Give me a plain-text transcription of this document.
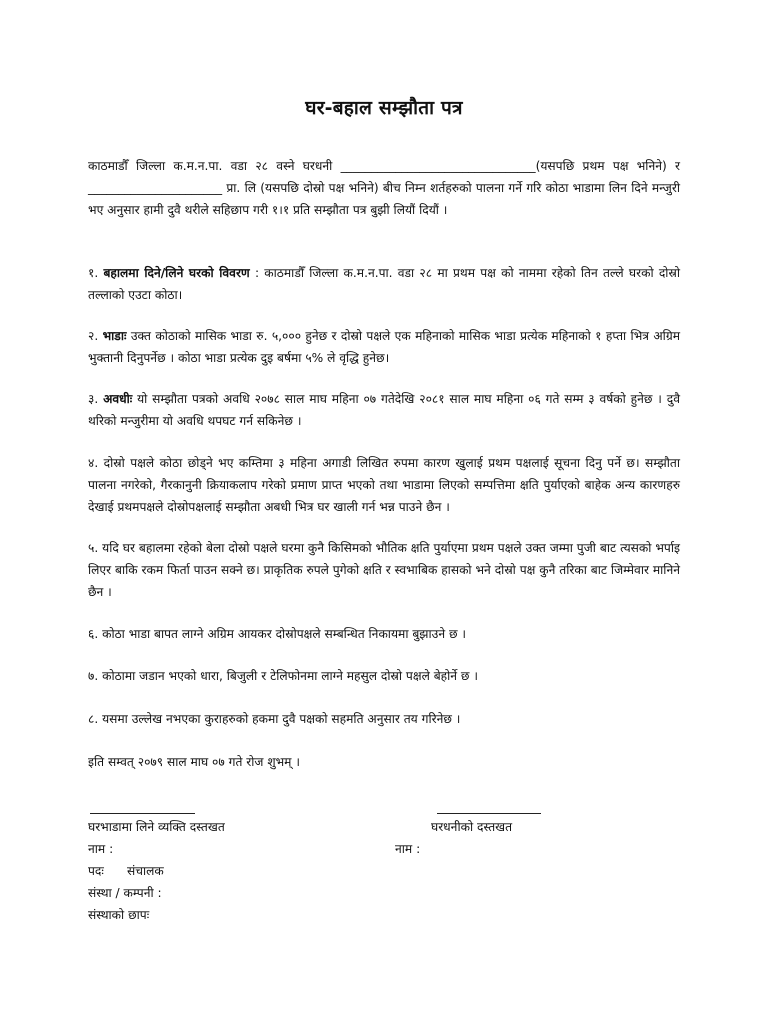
घर-बहाल सम्झौता पत्र
काठमाडौँ जिल्ला क.म.न.पा. वडा २८ वस्ने घरधनी ________________________________(यसपछि प्रथम पक्ष भनिने) र ______________________ प्रा. लि (यसपछि दोस्रो पक्ष भनिने) बीच निम्न शर्तहरुको पालना गर्ने गरि कोठा भाडामा लिन दिने मन्जुरी भए अनुसार हामी दुवै थरीले सहिछाप गरी १।१ प्रति सम्झौता पत्र बुझी लियौं दियौं ।
१. बहालमा दिने/लिने घरको विवरण : काठमाडौँ जिल्ला क.म.न.पा. वडा २८ मा प्रथम पक्ष को नाममा रहेको तिन तल्ले घरको दोस्रो तल्लाको एउटा कोठा।
२. भाडाः उक्त कोठाको मासिक भाडा रु. ५,००० हुनेछ र दोस्रो पक्षले एक महिनाको मासिक भाडा प्रत्येक महिनाको १ हप्ता भित्र अग्रिम भुक्तानी दिनुपर्नेछ । कोठा भाडा प्रत्येक दुइ बर्षमा ५% ले वृद्धि हुनेछ।
३. अवधीः यो सम्झौता पत्रको अवधि २०७८ साल माघ महिना ०७ गतेदेखि २०८१ साल माघ महिना ०६ गते सम्म ३ वर्षको हुनेछ । दुवै थरिको मन्जुरीमा यो अवधि थपघट गर्न सकिनेछ ।
४. दोस्रो पक्षले कोठा छोड्ने भए कम्तिमा ३ महिना अगाडी लिखित रुपमा कारण खुलाई प्रथम पक्षलाई सूचना दिनु पर्ने छ। सम्झौता पालना नगरेको, गैरकानुनी क्रियाकलाप गरेको प्रमाण प्राप्त भएको तथा भाडामा लिएको सम्पत्तिमा क्षति पुर्याएको बाहेक अन्य कारणहरु देखाई प्रथमपक्षले दोस्रोपक्षलाई सम्झौता अबधी भित्र घर खाली गर्न भन्न पाउने छैन ।
५. यदि घर बहालमा रहेको बेला दोस्रो पक्षले घरमा कुनै किसिमको भौतिक क्षति पुर्याएमा प्रथम पक्षले उक्त जम्मा पुजी बाट त्यसको भर्पाइ लिएर बाकि रकम फिर्ता पाउन सक्ने छ। प्राकृतिक रुपले पुगेको क्षति र स्वभाबिक हासको भने दोस्रो पक्ष कुनै तरिका बाट जिम्मेवार मानिने छैन ।
६. कोठा भाडा बापत लाग्ने अग्रिम आयकर दोस्रोपक्षले सम्बन्धित निकायमा बुझाउने छ ।
७. कोठामा जडान भएको धारा, बिजुली र टेलिफोनमा लाग्ने महसुल दोस्रो पक्षले बेहोर्ने छ ।
८. यसमा उल्लेख नभएका कुराहरुको हकमा दुवै पक्षको सहमति अनुसार तय गरिनेछ ।
इति सम्वत् २०७९ साल माघ ०७ गते रोज शुभम् ।
घरभाडामा लिने व्यक्ति दस्तखत	घरधनीको दस्तखत
नाम :	नाम :
पदः संचालक
संस्था / कम्पनी :
संस्थाको छापः
